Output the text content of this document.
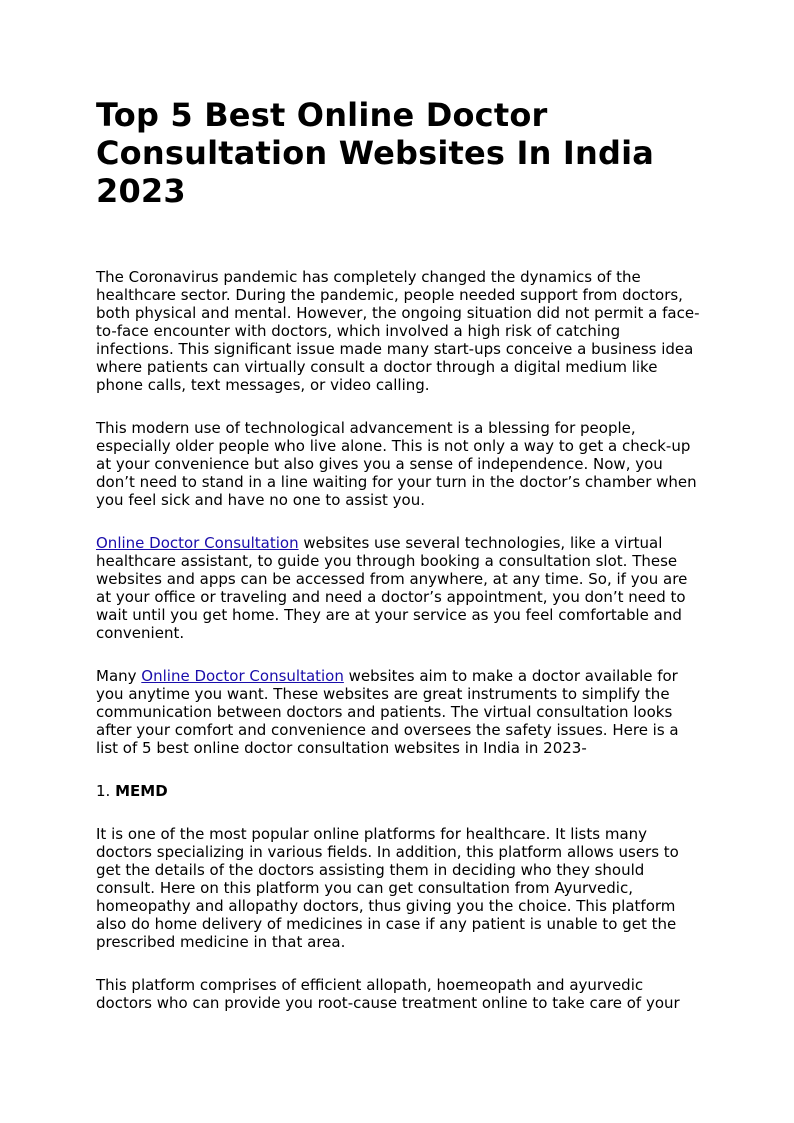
Top 5 Best Online Doctor Consultation Websites In India 2023

The Coronavirus pandemic has completely changed the dynamics of the healthcare sector. During the pandemic, people needed support from doctors, both physical and mental. However, the ongoing situation did not permit a face-to-face encounter with doctors, which involved a high risk of catching infections. This significant issue made many start-ups conceive a business idea where patients can virtually consult a doctor through a digital medium like phone calls, text messages, or video calling.

This modern use of technological advancement is a blessing for people, especially older people who live alone. This is not only a way to get a check-up at your convenience but also gives you a sense of independence. Now, you don’t need to stand in a line waiting for your turn in the doctor’s chamber when you feel sick and have no one to assist you.

Online Doctor Consultation websites use several technologies, like a virtual healthcare assistant, to guide you through booking a consultation slot. These websites and apps can be accessed from anywhere, at any time. So, if you are at your office or traveling and need a doctor’s appointment, you don’t need to wait until you get home. They are at your service as you feel comfortable and convenient.

Many Online Doctor Consultation websites aim to make a doctor available for you anytime you want. These websites are great instruments to simplify the communication between doctors and patients. The virtual consultation looks after your comfort and convenience and oversees the safety issues. Here is a list of 5 best online doctor consultation websites in India in 2023-

1. MEMD

It is one of the most popular online platforms for healthcare. It lists many doctors specializing in various fields. In addition, this platform allows users to get the details of the doctors assisting them in deciding who they should consult. Here on this platform you can get consultation from Ayurvedic, homeopathy and allopathy doctors, thus giving you the choice. This platform also do home delivery of medicines in case if any patient is unable to get the prescribed medicine in that area.

This platform comprises of efficient allopath, hoemeopath and ayurvedic doctors who can provide you root-cause treatment online to take care of your
